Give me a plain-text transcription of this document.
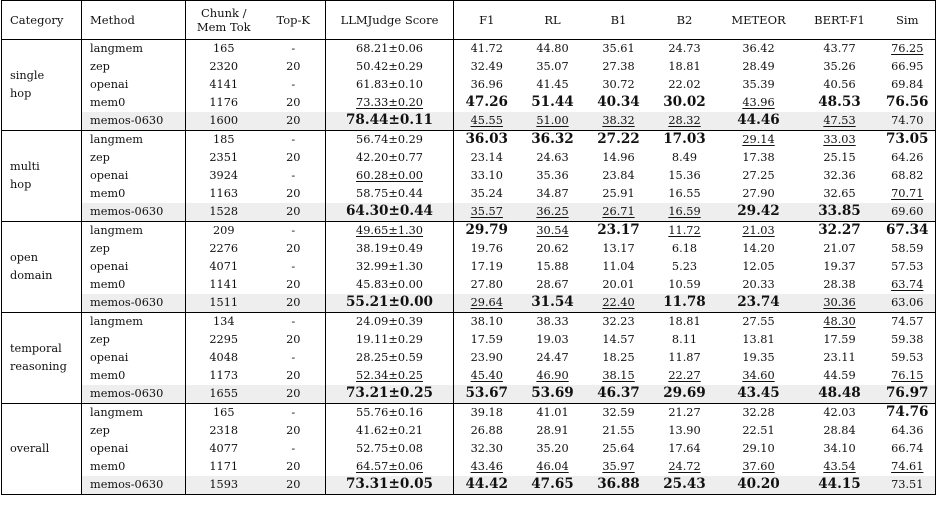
Category	Method	Chunk /
Mem Tok	Top-K	LLMJudge Score	F1	RL	B1	B2	METEOR	BERT-F1	Sim
single
hop	langmem	165	-	68.21±0.06	41.72	44.80	35.61	24.73	36.42	43.77	76.25
	zep	2320	20	50.42±0.29	32.49	35.07	27.38	18.81	28.49	35.26	66.95
	openai	4141	-	61.83±0.10	36.96	41.45	30.72	22.02	35.39	40.56	69.84
	mem0	1176	20	73.33±0.20	47.26	51.44	40.34	30.02	43.96	48.53	76.56
	memos-0630	1600	20	78.44±0.11	45.55	51.00	38.32	28.32	44.46	47.53	74.70
multi
hop	langmem	185	-	56.74±0.29	36.03	36.32	27.22	17.03	29.14	33.03	73.05
	zep	2351	20	42.20±0.77	23.14	24.63	14.96	8.49	17.38	25.15	64.26
	openai	3924	-	60.28±0.00	33.10	35.36	23.84	15.36	27.25	32.36	68.82
	mem0	1163	20	58.75±0.44	35.24	34.87	25.91	16.55	27.90	32.65	70.71
	memos-0630	1528	20	64.30±0.44	35.57	36.25	26.71	16.59	29.42	33.85	69.60
open
domain	langmem	209	-	49.65±1.30	29.79	30.54	23.17	11.72	21.03	32.27	67.34
	zep	2276	20	38.19±0.49	19.76	20.62	13.17	6.18	14.20	21.07	58.59
	openai	4071	-	32.99±1.30	17.19	15.88	11.04	5.23	12.05	19.37	57.53
	mem0	1141	20	45.83±0.00	27.80	28.67	20.01	10.59	20.33	28.38	63.74
	memos-0630	1511	20	55.21±0.00	29.64	31.54	22.40	11.78	23.74	30.36	63.06
temporal
reasoning	langmem	134	-	24.09±0.39	38.10	38.33	32.23	18.81	27.55	48.30	74.57
	zep	2295	20	19.11±0.29	17.59	19.03	14.57	8.11	13.81	17.59	59.38
	openai	4048	-	28.25±0.59	23.90	24.47	18.25	11.87	19.35	23.11	59.53
	mem0	1173	20	52.34±0.25	45.40	46.90	38.15	22.27	34.60	44.59	76.15
	memos-0630	1655	20	73.21±0.25	53.67	53.69	46.37	29.69	43.45	48.48	76.97
overall	langmem	165	-	55.76±0.16	39.18	41.01	32.59	21.27	32.28	42.03	74.76
	zep	2318	20	41.62±0.21	26.88	28.91	21.55	13.90	22.51	28.84	64.36
	openai	4077	-	52.75±0.08	32.30	35.20	25.64	17.64	29.10	34.10	66.74
	mem0	1171	20	64.57±0.06	43.46	46.04	35.97	24.72	37.60	43.54	74.61
	memos-0630	1593	20	73.31±0.05	44.42	47.65	36.88	25.43	40.20	44.15	73.51
